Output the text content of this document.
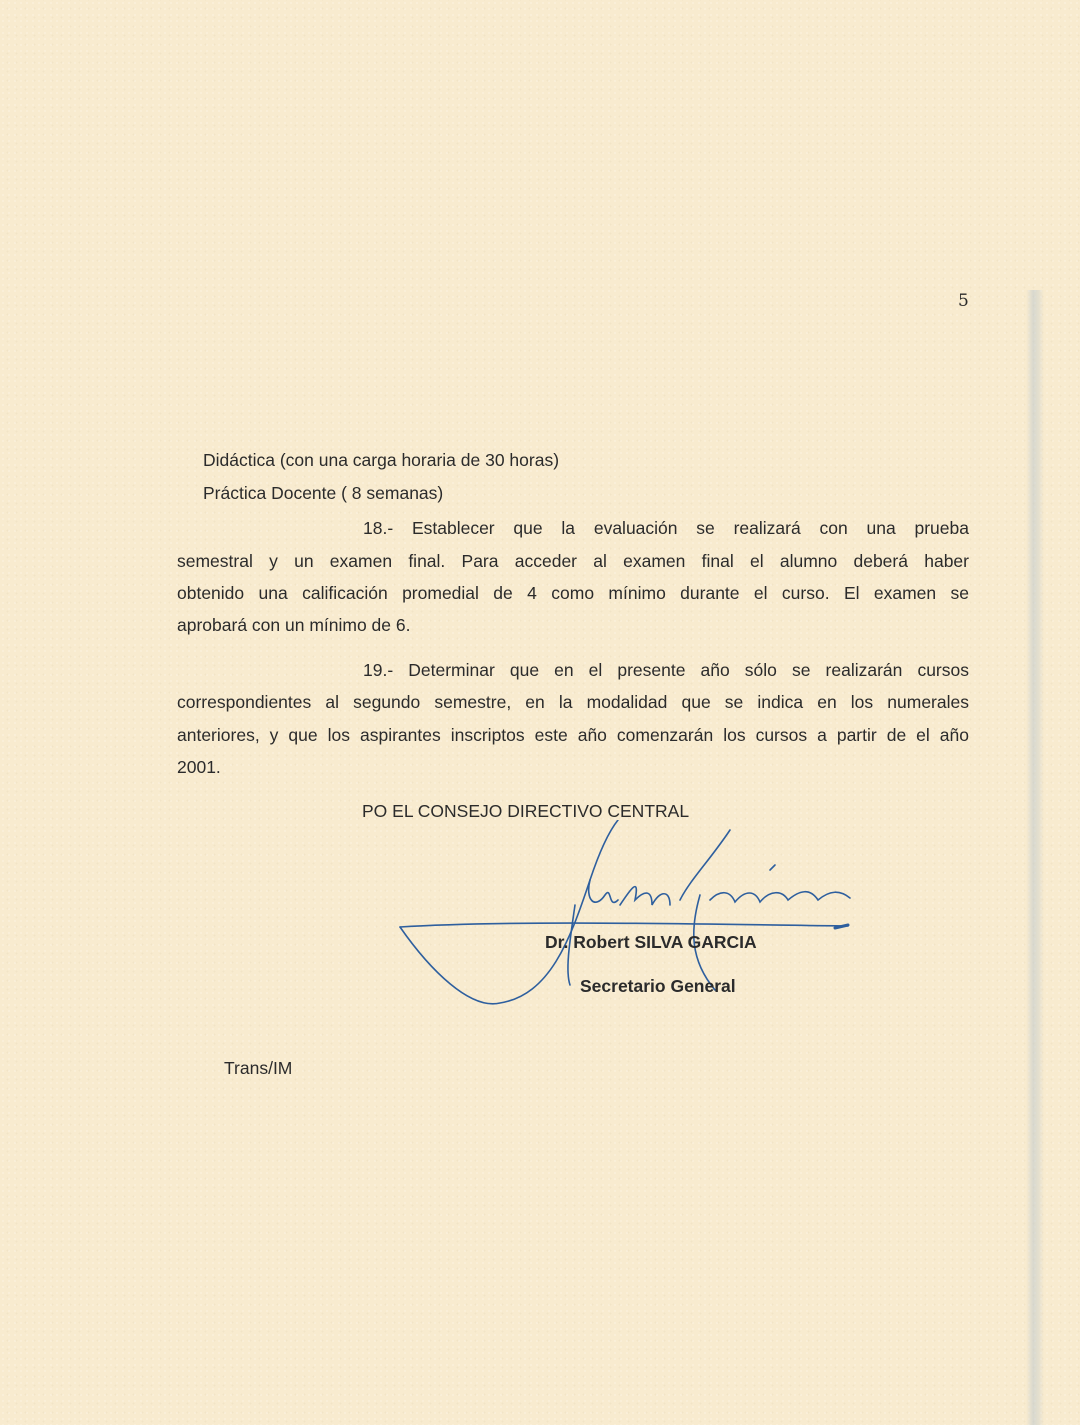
5
Didáctica (con una carga horaria de 30 horas)
Práctica Docente ( 8 semanas)
18.- Establecer que la evaluación se realizará con una prueba
semestral y un examen final. Para acceder al examen final el alumno deberá haber
obtenido una calificación promedial de 4 como mínimo durante el curso. El examen se
aprobará con un mínimo de 6.
19.- Determinar que en el presente año sólo se realizarán cursos
correspondientes al segundo semestre, en la modalidad que se indica en los numerales
anteriores, y que los aspirantes inscriptos este año comenzarán los cursos a partir de el año
2001.
PO EL CONSEJO DIRECTIVO CENTRAL
Dr. Robert SILVA GARCIA
Secretario General
Trans/IM
